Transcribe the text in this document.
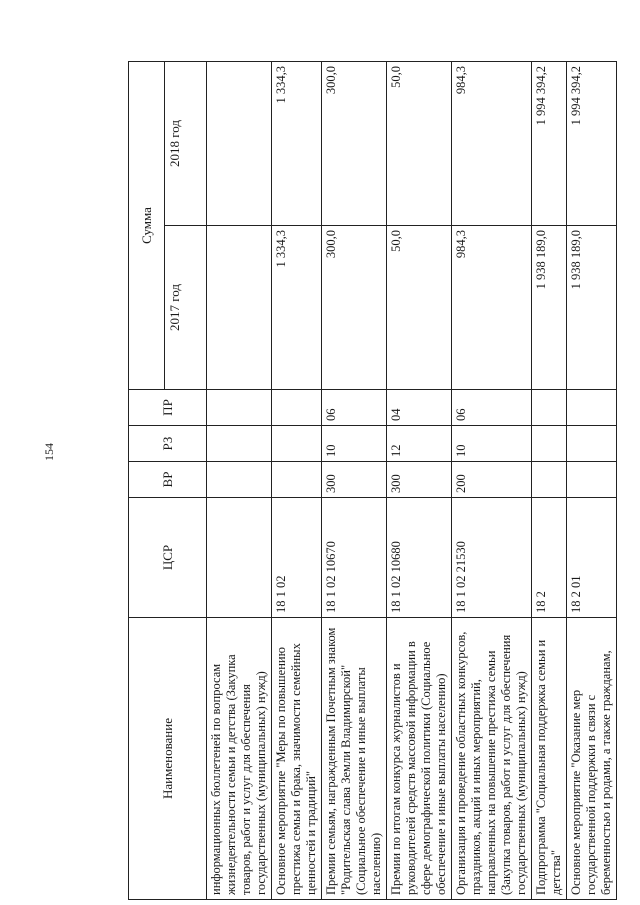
154
Наименование	ЦСР	ВР	РЗ	ПР	Сумма	
					2017 год	2018 год
информационных бюллетеней по вопросам жизнедеятельности семьи и детства (Закупка товаров, работ и услуг для обеспечения государственных (муниципальных) нужд)						
Основное мероприятие "Меры по повышению престижа семьи и брака, значимости семейных ценностей и традиций"	18 1 02				1 334,3	1 334,3
Премии семьям, награжденным Почетным знаком "Родительская слава Земли Владимирской" (Социальное обеспечение и иные выплаты населению)	18 1 02 10670	300	10	06	300,0	300,0
Премии по итогам конкурса журналистов и руководителей средств массовой информации в сфере демографической политики (Социальное обеспечение и иные выплаты населению)	18 1 02 10680	300	12	04	50,0	50,0
Организация и проведение областных конкурсов, праздников, акций и иных мероприятий, направленных на повышение престижа семьи (Закупка товаров, работ и услуг для обеспечения государственных (муниципальных) нужд)	18 1 02 21530	200	10	06	984,3	984,3
Подпрограмма "Социальная поддержка семьи и детства"	18 2				1 938 189,0	1 994 394,2
Основное мероприятие "Оказание мер государственной поддержки в связи с беременностью и родами, а также гражданам,	18 2 01				1 938 189,0	1 994 394,2
